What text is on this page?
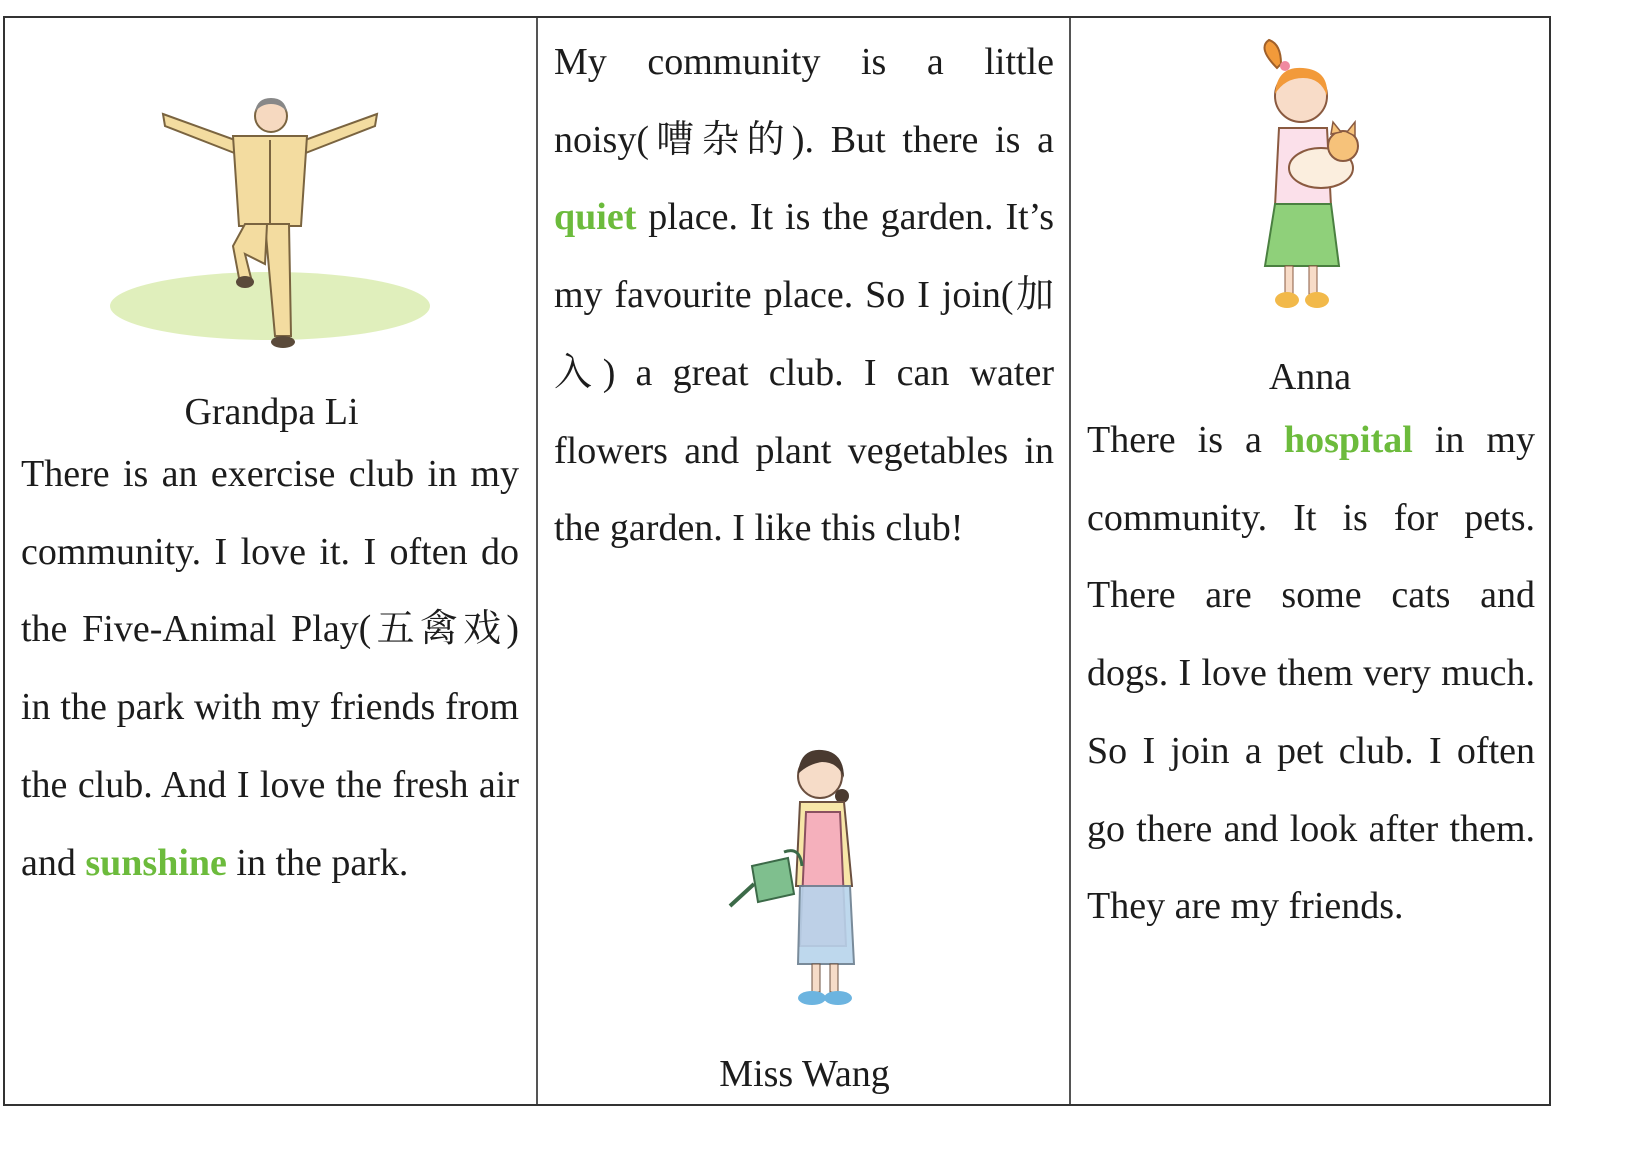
Grandpa Li

There is an exercise club in my community. I love it. I often do the Five-Animal Play(五禽戏) in the park with my friends from the club. And I love the fresh air and sunshine in the park.

My community is a little noisy(嘈杂的). But there is a quiet place. It is the garden. It’s my favourite place. So I join(加入) a great club. I can water flowers and plant vegetables in the garden. I like this club!

Miss Wang
Anna

There is a hospital in my community. It is for pets. There are some cats and dogs. I love them very much. So I join a pet club. I often go there and look after them. They are my friends.
